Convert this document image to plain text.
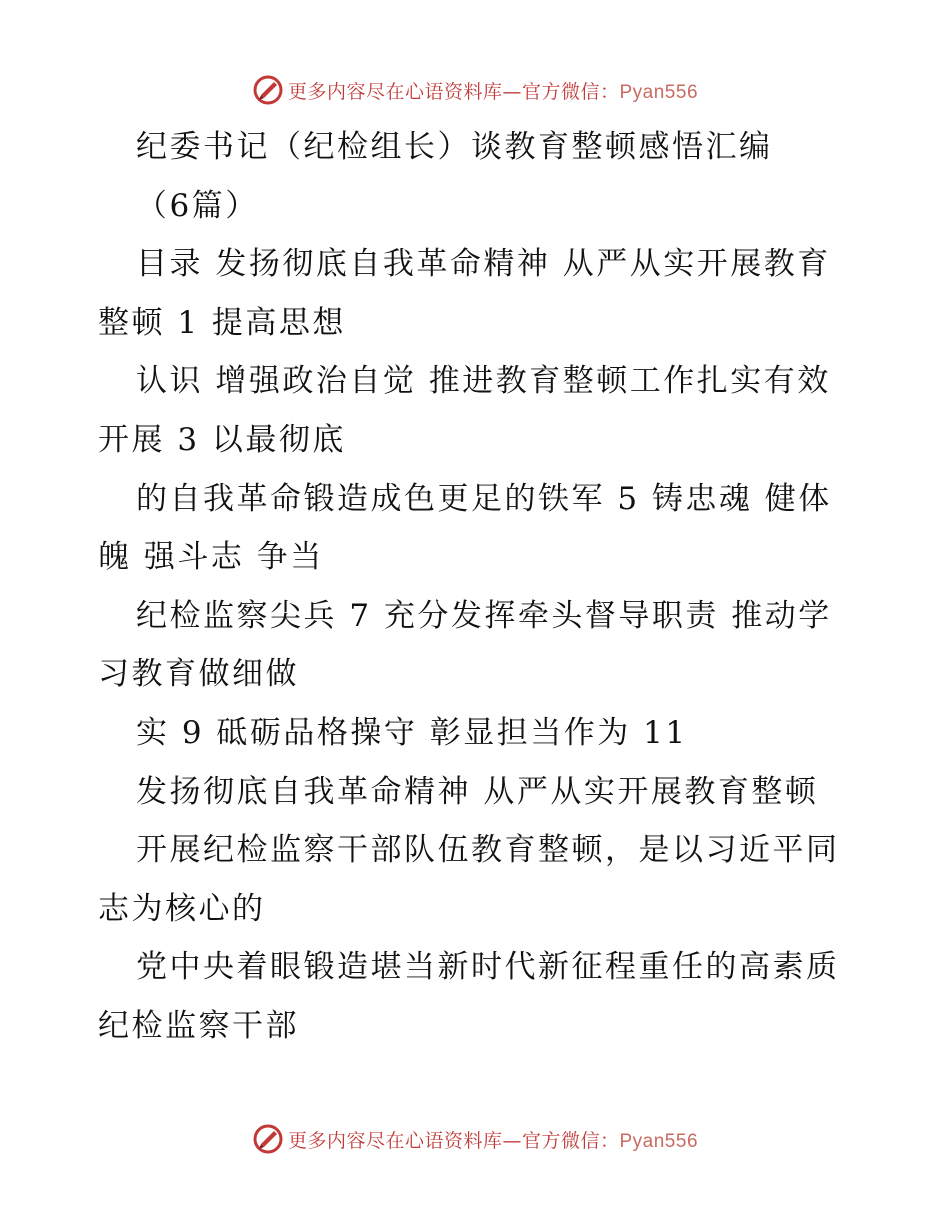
更多内容尽在心语资料库—官方微信：Pyan556
纪委书记（纪检组长）谈教育整顿感悟汇编
（6篇）
目录 发扬彻底自我革命精神 从严从实开展教育
整顿 1 提高思想
认识 增强政治自觉 推进教育整顿工作扎实有效
开展 3 以最彻底
的自我革命锻造成色更足的铁军 5 铸忠魂 健体
魄 强斗志 争当
纪检监察尖兵 7 充分发挥牵头督导职责 推动学
习教育做细做
实 9 砥砺品格操守 彰显担当作为 11
发扬彻底自我革命精神 从严从实开展教育整顿
开展纪检监察干部队伍教育整顿，是以习近平同
志为核心的
党中央着眼锻造堪当新时代新征程重任的高素质
纪检监察干部
更多内容尽在心语资料库—官方微信：Pyan556
